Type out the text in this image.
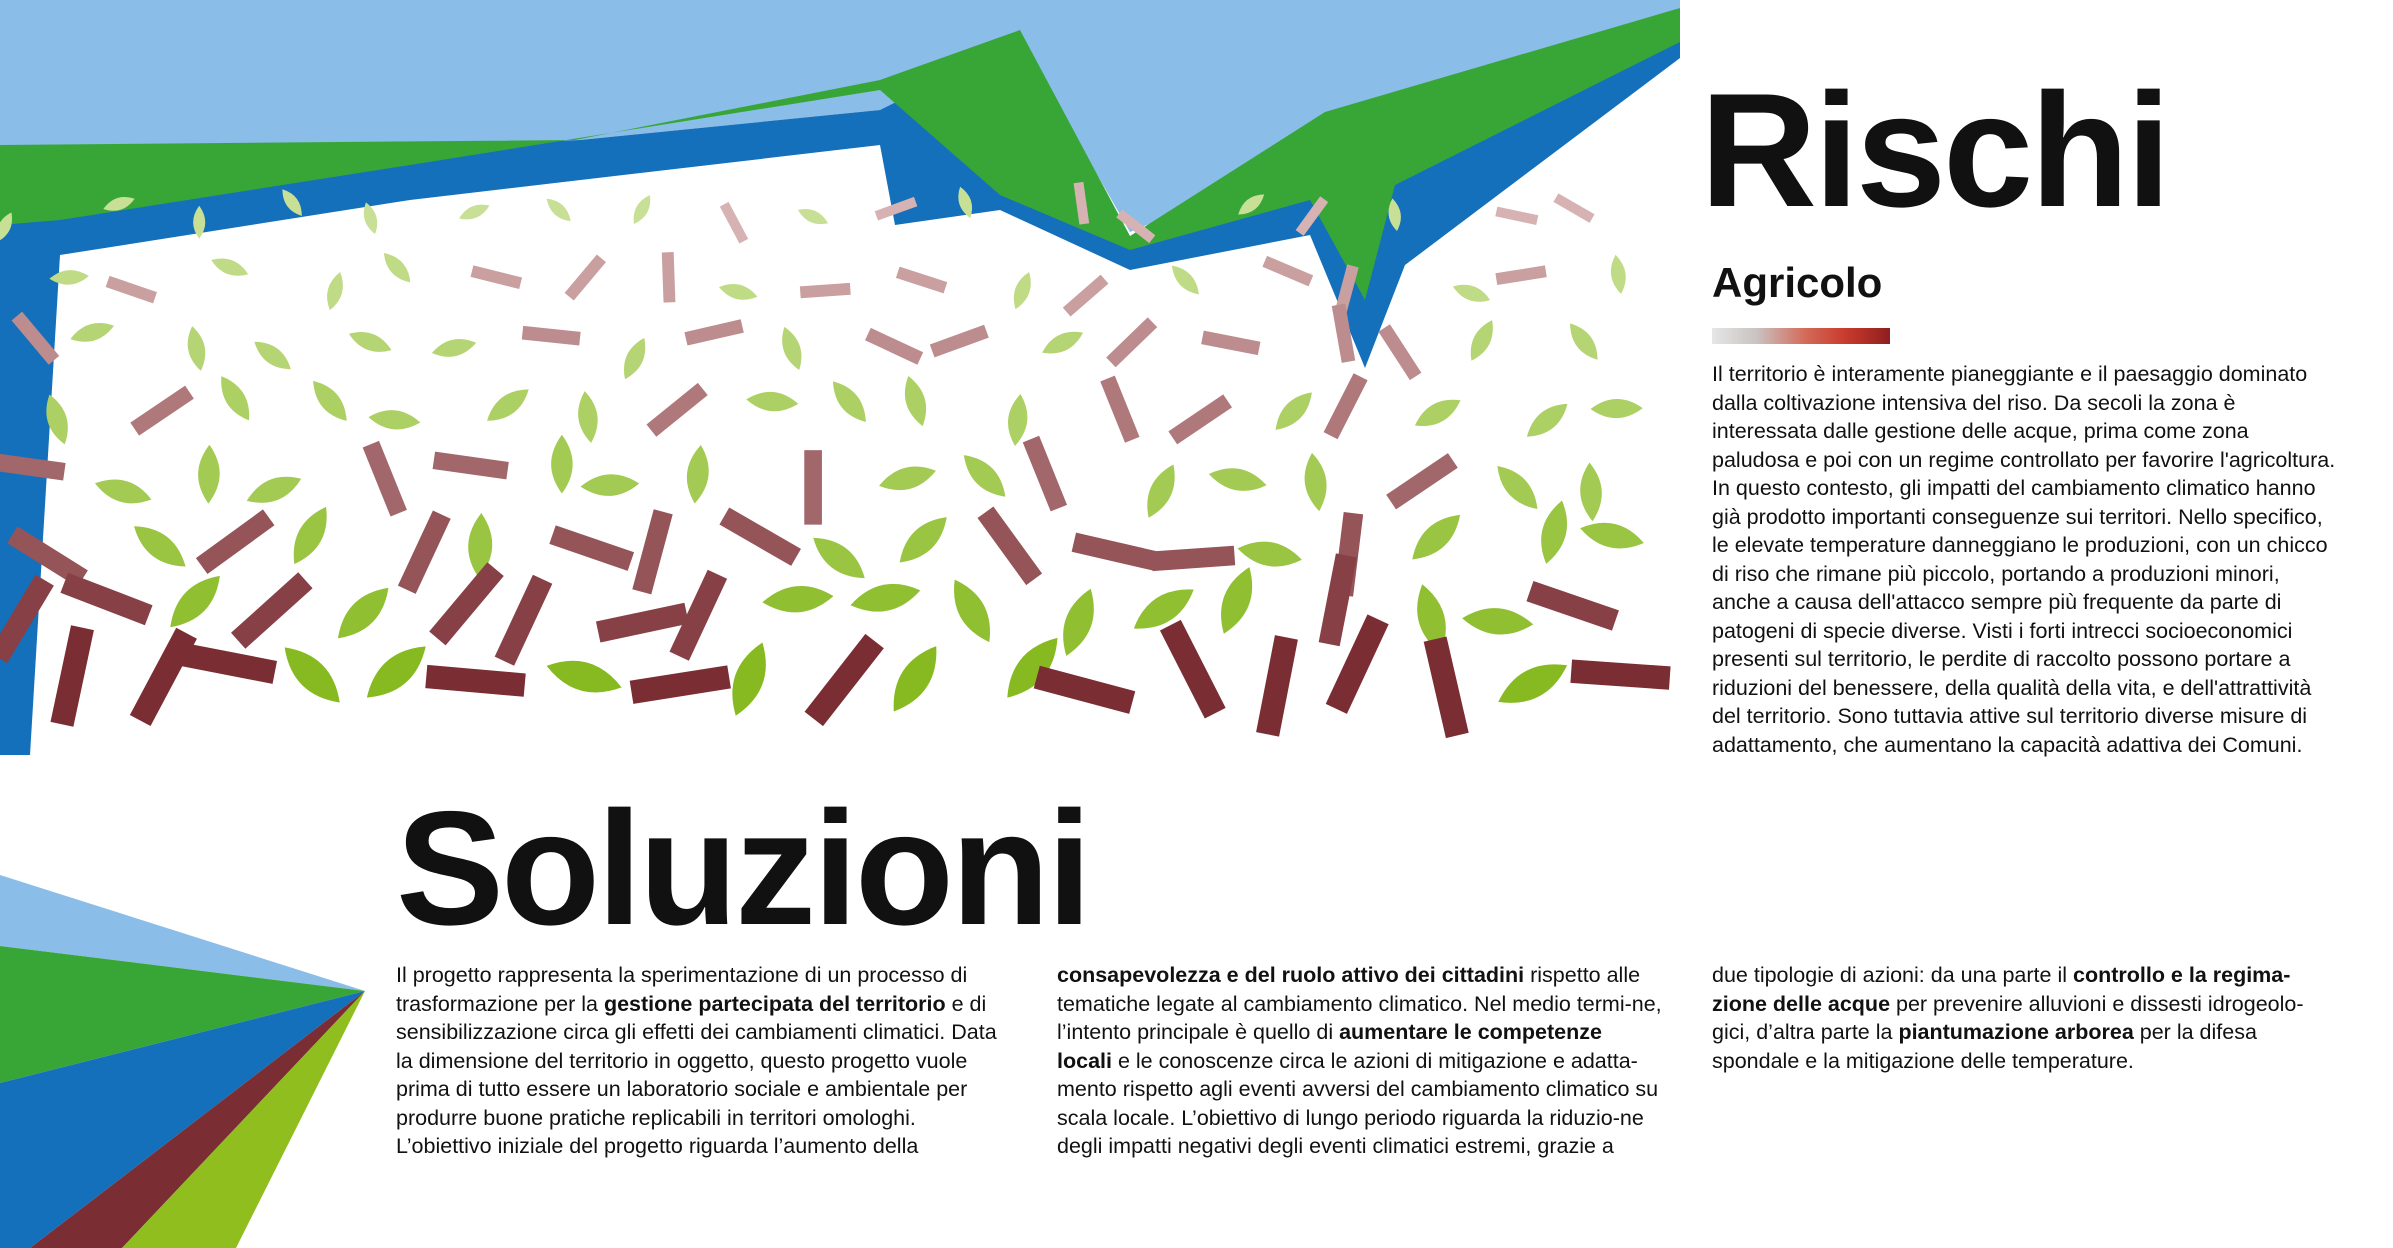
Rischi
Agricolo

Il territorio è interamente pianeggiante e il paesaggio dominato dalla coltivazione intensiva del riso. Da secoli la zona è interessata dalle gestione delle acque, prima come zona paludosa e poi con un regime controllato per favorire l'agricoltura. In questo contesto, gli impatti del cambiamento climatico hanno già prodotto importanti conseguenze sui territori. Nello specifico, le elevate temperature danneggiano le produzioni, con un chicco di riso che rimane più piccolo, portando a produzioni minori, anche a causa dell'attacco sempre più frequente da parte di patogeni di specie diverse. Visti i forti intrecci socioeconomici presenti sul territorio, le perdite di raccolto possono portare a riduzioni del benessere, della qualità della vita, e dell'attrattività del territorio. Sono tuttavia attive sul territorio diverse misure di adattamento, che aumentano la capacità adattiva dei Comuni.

Soluzioni

Il progetto rappresenta la sperimentazione di un processo di trasformazione per la gestione partecipata del territorio e di sensibilizzazione circa gli effetti dei cambiamenti climatici. Data la dimensione del territorio in oggetto, questo progetto vuole prima di tutto essere un laboratorio sociale e ambientale per produrre buone pratiche replicabili in territori omologhi. L’obiettivo iniziale del progetto riguarda l’aumento della

consapevolezza e del ruolo attivo dei cittadini rispetto alle tematiche legate al cambiamento climatico. Nel medio termi-ne, l’intento principale è quello di aumentare le competenze locali e le conoscenze circa le azioni di mitigazione e adatta-mento rispetto agli eventi avversi del cambiamento climatico su scala locale. L’obiettivo di lungo periodo riguarda la riduzio-ne degli impatti negativi degli eventi climatici estremi, grazie a

due tipologie di azioni: da una parte il controllo e la regima-zione delle acque per prevenire alluvioni e dissesti idrogeolo-gici, d’altra parte la piantumazione arborea per la difesa spondale e la mitigazione delle temperature.
